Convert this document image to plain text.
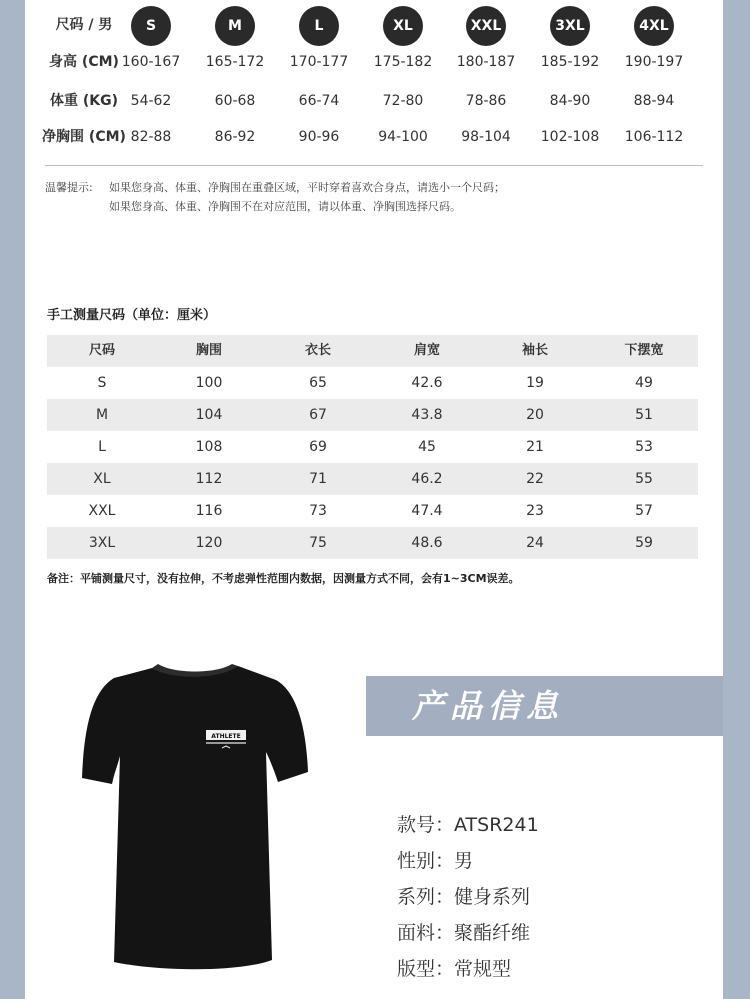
尺码 / 男	S	M	L	XL	XXL	3XL	4XL
身高 (CM) 160-167	165-172	170-177	175-182	180-187	185-192	190-197
体重 (KG) 54-62	60-68	66-74	72-80	78-86	84-90	88-94
净胸围 (CM) 82-88	86-92	90-96	94-100	98-104	102-108	106-112
温馨提示: 如果您身高、体重、净胸围在重叠区域，平时穿着喜欢合身点，请选小一个尺码；
如果您身高、体重、净胸围不在对应范围，请以体重、净胸围选择尺码。
手工测量尺码（单位：厘米）
尺码	胸围	衣长	肩宽	袖长	下摆宽
S	100	65	42.6	19	49
M	104	67	43.8	20	51
L	108	69	45	21	53
XL	112	71	46.2	22	55
XXL	116	73	47.4	23	57
3XL	120	75	48.6	24	59
备注：平铺测量尺寸，没有拉伸，不考虑弹性范围内数据，因测量方式不同，会有1~3CM误差。
ATHLETE
产品信息
款号：ATSR241
性别：男
系列：健身系列
面料：聚酯纤维
版型：常规型
